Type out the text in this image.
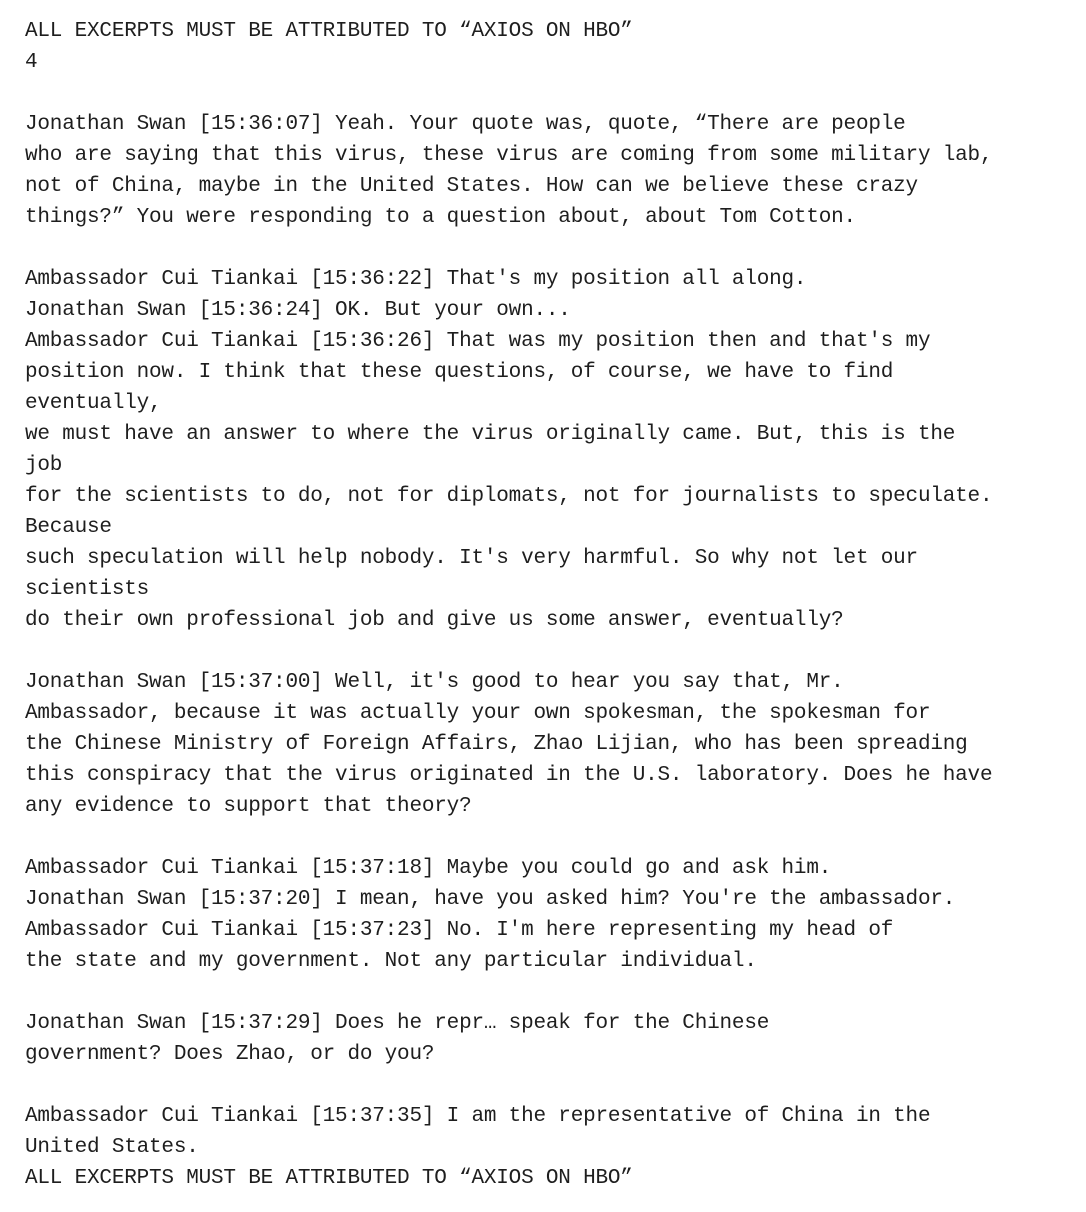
ALL EXCERPTS MUST BE ATTRIBUTED TO “AXIOS ON HBO”
4
Jonathan Swan [15:36:07] Yeah. Your quote was, quote, “There are people
who are saying that this virus, these virus are coming from some military lab,
not of China, maybe in the United States. How can we believe these crazy
things?” You were responding to a question about, about Tom Cotton.
Ambassador Cui Tiankai [15:36:22] That's my position all along.
Jonathan Swan [15:36:24] OK. But your own...
Ambassador Cui Tiankai [15:36:26] That was my position then and that's my
position now. I think that these questions, of course, we have to find
eventually,
we must have an answer to where the virus originally came. But, this is the
job
for the scientists to do, not for diplomats, not for journalists to speculate.
Because
such speculation will help nobody. It's very harmful. So why not let our
scientists
do their own professional job and give us some answer, eventually?
Jonathan Swan [15:37:00] Well, it's good to hear you say that, Mr.
Ambassador, because it was actually your own spokesman, the spokesman for
the Chinese Ministry of Foreign Affairs, Zhao Lijian, who has been spreading
this conspiracy that the virus originated in the U.S. laboratory. Does he have
any evidence to support that theory?
Ambassador Cui Tiankai [15:37:18] Maybe you could go and ask him.
Jonathan Swan [15:37:20] I mean, have you asked him? You're the ambassador.
Ambassador Cui Tiankai [15:37:23] No. I'm here representing my head of
the state and my government. Not any particular individual.
Jonathan Swan [15:37:29] Does he repr… speak for the Chinese
government? Does Zhao, or do you?
Ambassador Cui Tiankai [15:37:35] I am the representative of China in the
United States.
ALL EXCERPTS MUST BE ATTRIBUTED TO “AXIOS ON HBO”
